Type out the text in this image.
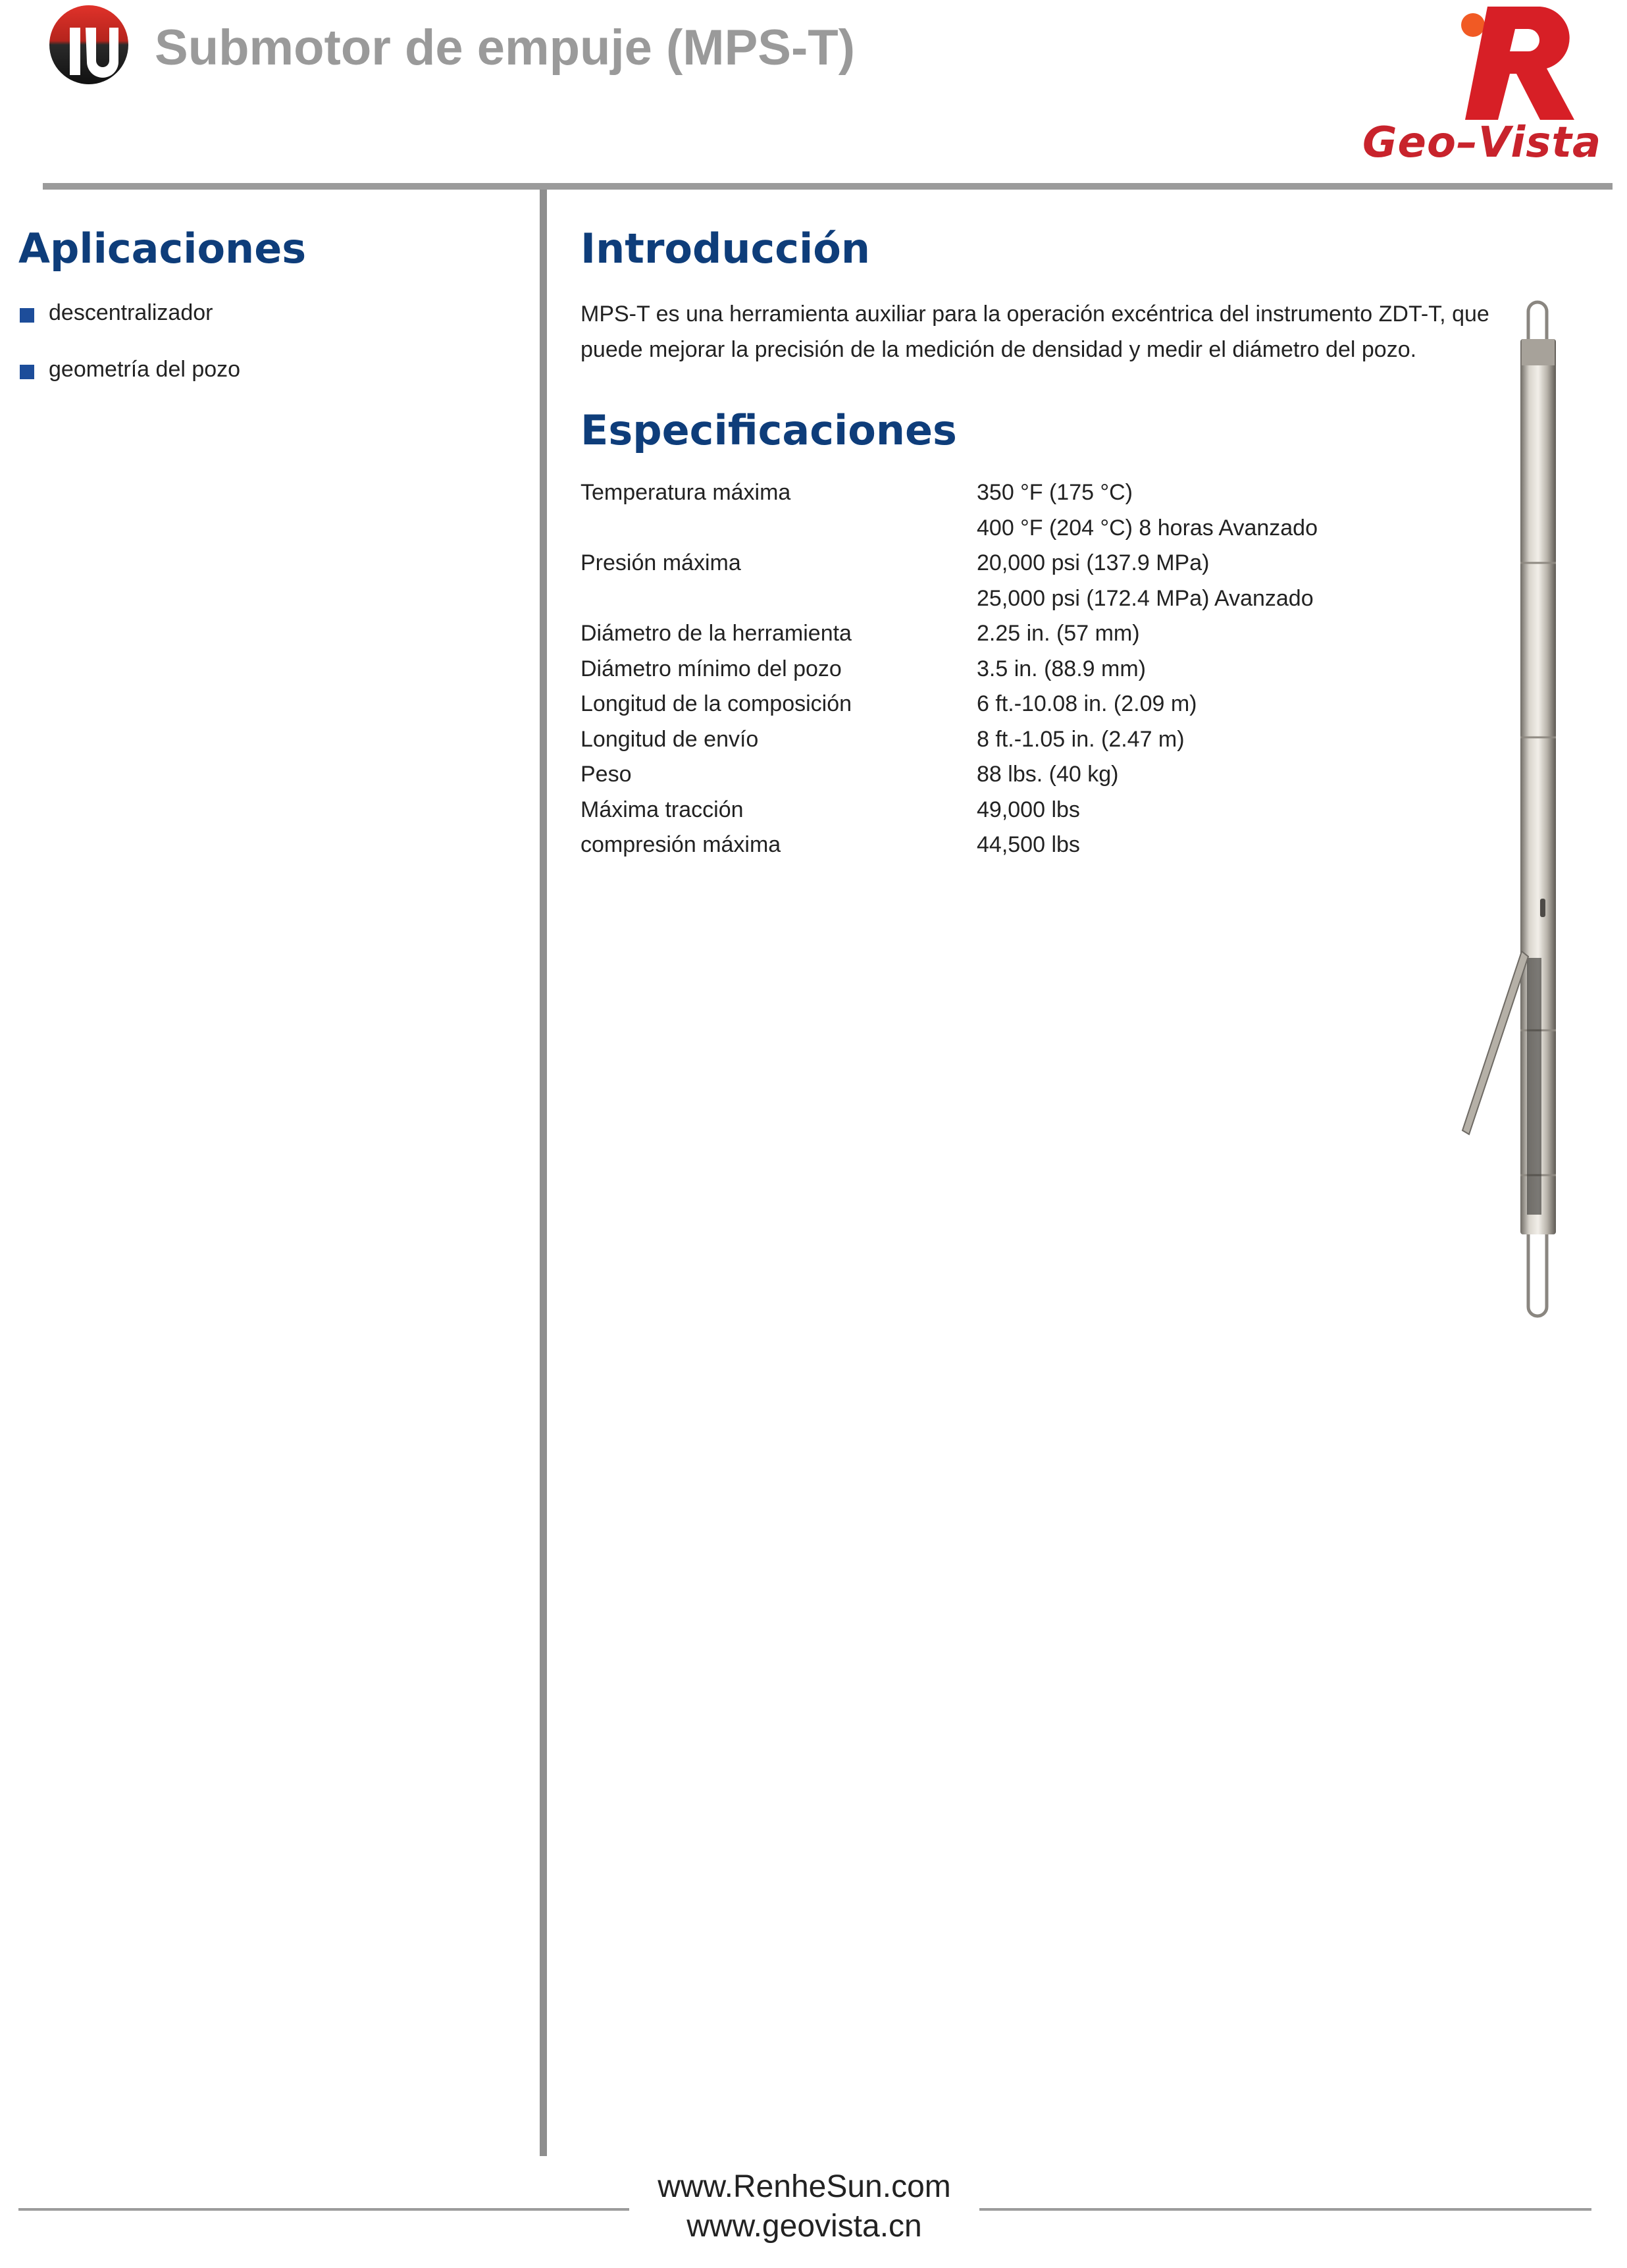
Submotor de empuje (MPS-T)
Geo–Vista
Aplicaciones
descentralizador
geometría del pozo
Introducción
MPS-T es una herramienta auxiliar para la operación excéntrica del instrumento ZDT-T, que puede mejorar la precisión de la medición de densidad y medir el diámetro del pozo.
Especificaciones
Temperatura máxima	350 °F (175 °C)
400 °F (204 °C) 8 horas Avanzado
Presión máxima	20,000 psi (137.9 MPa)
25,000 psi (172.4 MPa) Avanzado
Diámetro de la herramienta	2.25 in. (57 mm)
Diámetro mínimo del pozo	3.5 in. (88.9 mm)
Longitud de la composición	6 ft.-10.08 in. (2.09 m)
Longitud de envío	8 ft.-1.05 in. (2.47 m)
Peso	88 lbs. (40 kg)
Máxima tracción	49,000 lbs
compresión máxima	44,500 lbs
www.RenheSun.com
www.geovista.cn
